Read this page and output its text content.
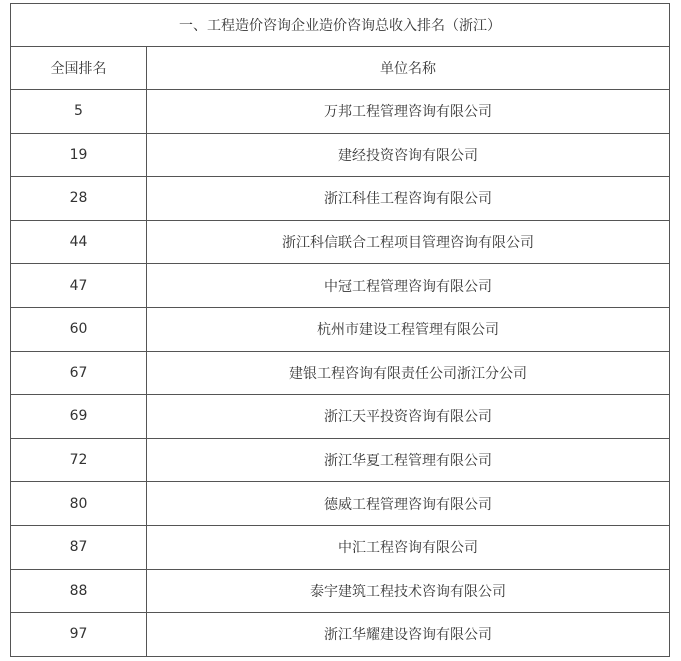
一、工程造价咨询企业造价咨询总收入排名（浙江）	
全国排名	单位名称
5	万邦工程管理咨询有限公司
19	建经投资咨询有限公司
28	浙江科佳工程咨询有限公司
44	浙江科信联合工程项目管理咨询有限公司
47	中冠工程管理咨询有限公司
60	杭州市建设工程管理有限公司
67	建银工程咨询有限责任公司浙江分公司
69	浙江天平投资咨询有限公司
72	浙江华夏工程管理有限公司
80	德威工程管理咨询有限公司
87	中汇工程咨询有限公司
88	泰宇建筑工程技术咨询有限公司
97	浙江华耀建设咨询有限公司
